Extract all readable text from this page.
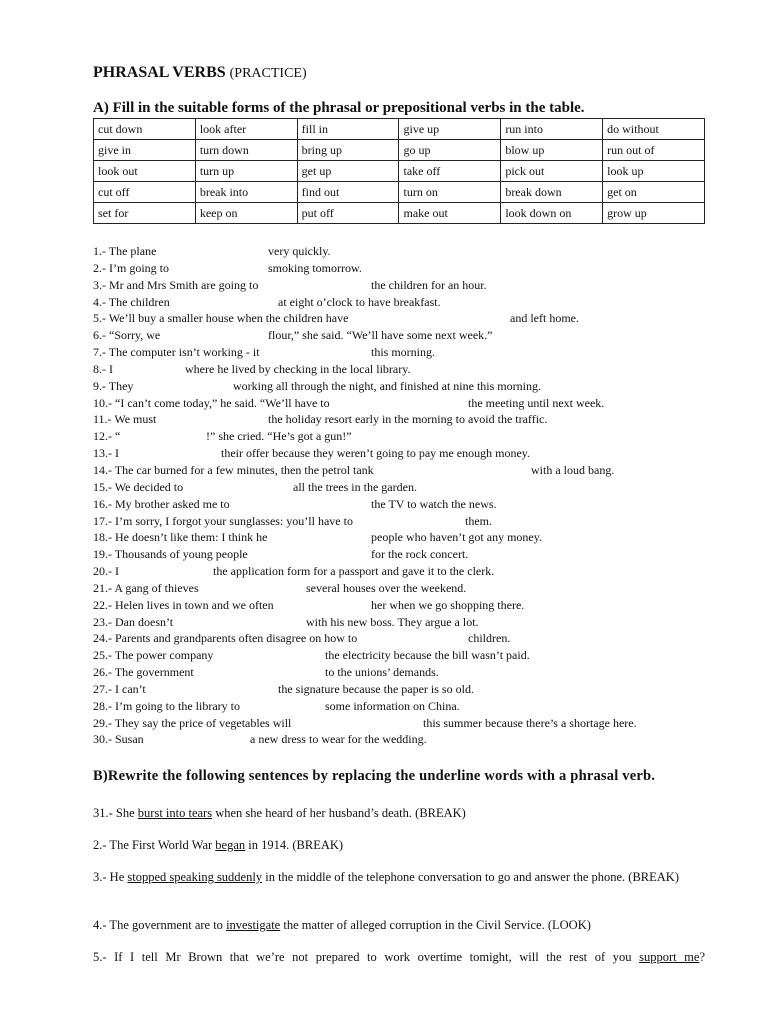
PHRASAL VERBS (PRACTICE)
A) Fill in the suitable forms of the phrasal or prepositional verbs in the table.
cut down	look after	fill in	give up	run into	do without
give in	turn down	bring up	go up	blow up	run out of
look out	turn up	get up	take off	pick out	look up
cut off	break into	find out	turn on	break down	get on
set for	keep on	put off	make out	look down on	grow up
1.- The plane	very quickly.
2.- I’m going to	smoking tomorrow.
3.- Mr and Mrs Smith are going to	the children for an hour.
4.- The children	at eight o’clock to have breakfast.
5.- We’ll buy a smaller house when the children have	and left home.
6.- “Sorry, we	flour,” she said. “We’ll have some next week.”
7.- The computer isn’t working - it	this morning.
8.- I	where he lived by checking in the local library.
9.- They	working all through the night, and finished at nine this morning.
10.- “I can’t come today,” he said. “We’ll have to	the meeting until next week.
11.- We must	the holiday resort early in the morning to avoid the traffic.
12.- “	!” she cried. “He’s got a gun!”
13.- I	their offer because they weren’t going to pay me enough money.
14.- The car burned for a few minutes, then the petrol tank	with a loud bang.
15.- We decided to	all the trees in the garden.
16.- My brother asked me to	the TV to watch the news.
17.- I’m sorry, I forgot your sunglasses: you’ll have to	them.
18.- He doesn’t like them: I think he	people who haven’t got any money.
19.- Thousands of young people	for the rock concert.
20.- I	the application form for a passport and gave it to the clerk.
21.- A gang of thieves	several houses over the weekend.
22.- Helen lives in town and we often	her when we go shopping there.
23.- Dan doesn’t	with his new boss. They argue a lot.
24.- Parents and grandparents often disagree on how to	children.
25.- The power company	the electricity because the bill wasn’t paid.
26.- The government	to the unions’ demands.
27.- I can’t	the signature because the paper is so old.
28.- I’m going to the library to	some information on China.
29.- They say the price of vegetables will	this summer because there’s a shortage here.
30.- Susan	a new dress to wear for the wedding.
B)Rewrite the following sentences by replacing the underline words with a phrasal verb.
31.- She burst into tears when she heard of her husband’s death. (BREAK)
2.- The First World War began in 1914. (BREAK)
3.- He stopped speaking suddenly in the middle of the telephone conversation to go and answer the phone. (BREAK)
4.- The government are to investigate the matter of alleged corruption in the Civil Service. (LOOK)
5.- If I tell Mr Brown that we’re not prepared to work overtime tomight, will the rest of you support me?
